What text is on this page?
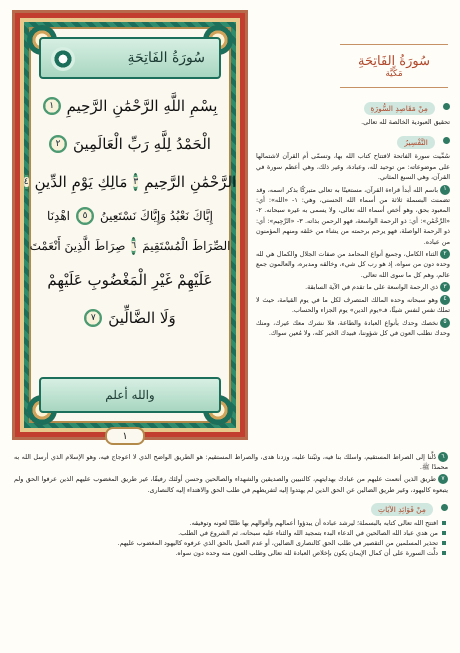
سُورَةُ الفَاتِحَةِ
بِسْمِ اللَّهِ الرَّحْمَٰنِ الرَّحِيمِ
١
الْحَمْدُ لِلَّهِ رَبِّ الْعَالَمِينَ
٢
الرَّحْمَٰنِ الرَّحِيمِ
٣
مَالِكِ يَوْمِ الدِّينِ
٤
إِيَّاكَ نَعْبُدُ وَإِيَّاكَ نَسْتَعِينُ
٥
اهْدِنَا
الصِّرَاطَ الْمُسْتَقِيمَ
٦
صِرَاطَ الَّذِينَ أَنْعَمْتَ
عَلَيْهِمْ غَيْرِ الْمَغْضُوبِ عَلَيْهِمْ
وَلَا الضَّالِّينَ
٧
والله أعلم
١
سُورَةُ الفَاتِحَةِ
مَكِّيَّة
مِنْ مَقَاصِدِ السُّورَةِ

تحقيق العبودية الخالصة لله تعالى.

التَّفْسِيرُ

سُمِّيت سورة الفاتحة لافتتاح كتاب الله بها، وتسمّى أم القرآن لاشتمالها على موضوعاته: من توحيد لله، وعبادة، وغير ذلك، وهي أعظم سورة في القرآن، وهي السبع المثاني.

١باسم الله أبدأ قراءة القرآن، مستعينًا به تعالى متبركًا بذكر اسمه، وقد تضمنت البسملة ثلاثة من أسماء الله الحسنى، وهي: ١- «الله»: أي: المعبود بحق، وهو أخص أسماء الله تعالى، ولا يسمى به غيره سبحانه. ٢- «الرَّحْمَٰن»: أي: ذو الرحمة الواسعة، فهو الرحمن بذاته. ٣- «الرَّحِيم»: أي: ذو الرحمة الواصلة، فهو يرحم برحمته من يشاء من خلقه ومنهم المؤمنون من عباده.

٢الثناء الكامل، وجميع أنواع المحامد من صفات الجلال والكمال هي لله وحده دون من سواه، إذ هو رب كل شيء، وخالقه ومدبره، والعالمون جمع عالم، وهم كل ما سوى الله تعالى.

٣ذي الرحمة الواسعة على ما تقدم في الآية السابقة.

٤وهو سبحانه وحده المالك المتصرف لكل ما في يوم القيامة، حيث لا تملك نفس لنفس شيئًا، فـ«يوم الدين» يوم الجزاء والحساب.

٥نخصك وحدك بأنواع العبادة والطاعة، فلا نشرك معك غيرك، ومنك وحدك نطلب العون في كل شؤوننا، فبيدك الخير كله، ولا مُعين سواك.

٦دُلَّنا إلى الصراط المستقيم، واسلك بنا فيه، وثبّتنا عليه، وزدنا هدى، والصراط المستقيم: هو الطريق الواضح الذي لا اعوجاج فيه، وهو الإسلام الذي أرسل الله به محمدًا ﷺ.

٧طريق الذين أنعمت عليهم من عبادك بهدايتهم، كالنبيين والصديقين والشهداء والصالحين وحسن أولئك رفيقًا، غير طريق المغضوب عليهم الذين عرفوا الحق ولم يتبعوه كاليهود، وغير طريق الضالين عن الحق الذين لم يهتدوا إليه لتفريطهم في طلب الحق والاهتداء إليه كالنصارى.

مِنْ فَوَائِدِ الآيَاتِ
افتتح الله تعالى كتابه بالبسملة؛ ليرشد عباده أن يبدؤوا أعمالهم وأقوالهم بها طلبًا لعونه وتوفيقه.
من هدي عباد الله الصالحين في الدعاء البدء بتمجيد الله والثناء عليه سبحانه، ثم الشروع في الطلب.
تحذير المسلمين من التقصير في طلب الحق كالنصارى الضالين، أو عدم العمل بالحق الذي عرفوه كاليهود المغضوب عليهم.
دلَّت السورة على أن كمال الإيمان يكون بإخلاص العبادة لله تعالى وطلب العون منه وحده دون سواه.
